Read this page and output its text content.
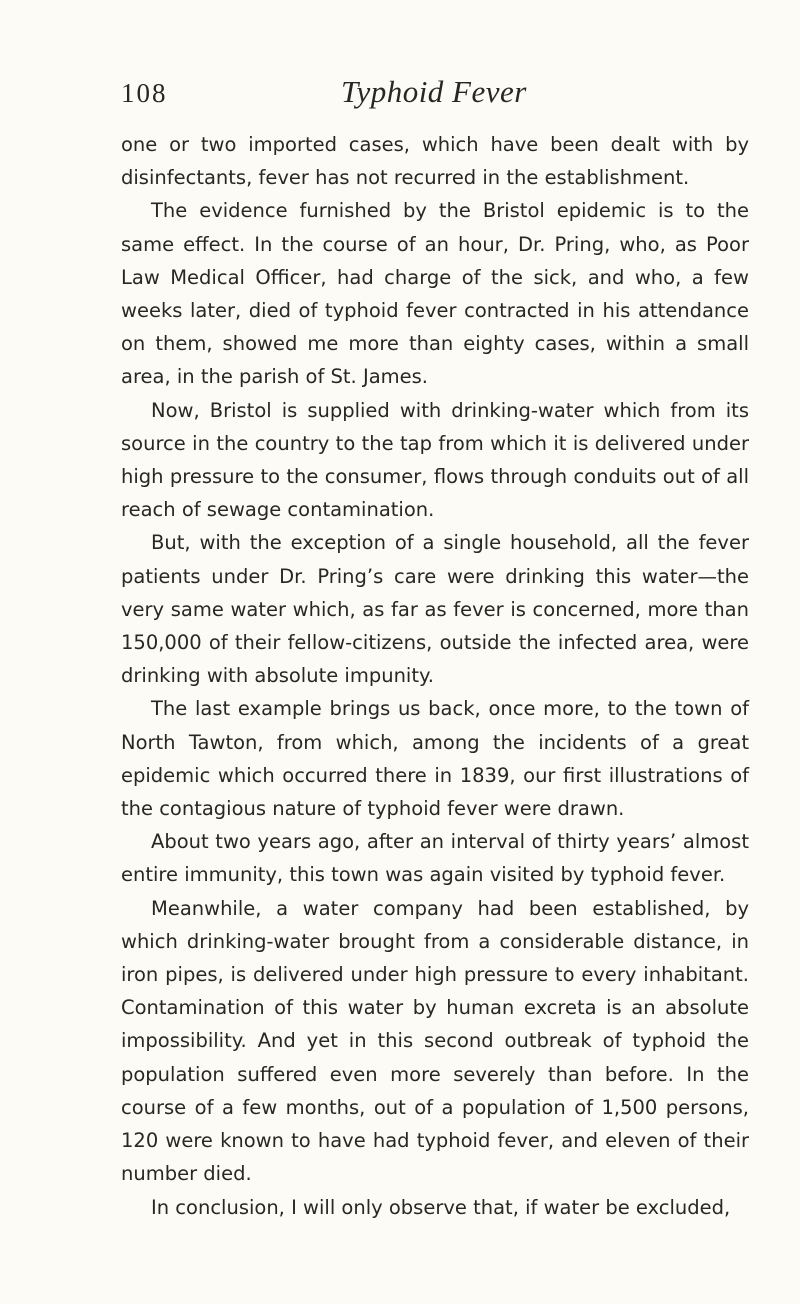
108	Typhoid Fever

one or two imported cases, which have been dealt with by disinfectants, fever has not recurred in the establishment.

The evidence furnished by the Bristol epidemic is to the same effect. In the course of an hour, Dr. Pring, who, as Poor Law Medical Officer, had charge of the sick, and who, a few weeks later, died of typhoid fever contracted in his attendance on them, showed me more than eighty cases, within a small area, in the parish of St. James.

Now, Bristol is supplied with drinking-water which from its source in the country to the tap from which it is delivered under high pressure to the consumer, flows through conduits out of all reach of sewage contamination.

But, with the exception of a single household, all the fever patients under Dr. Pring’s care were drinking this water—the very same water which, as far as fever is concerned, more than 150,000 of their fellow-citizens, outside the infected area, were drinking with absolute impunity.

The last example brings us back, once more, to the town of North Tawton, from which, among the incidents of a great epidemic which occurred there in 1839, our first illustrations of the contagious nature of typhoid fever were drawn.

About two years ago, after an interval of thirty years’ almost entire immunity, this town was again visited by typhoid fever.

Meanwhile, a water company had been established, by which drinking-water brought from a considerable distance, in iron pipes, is delivered under high pressure to every inhabitant. Contamination of this water by human excreta is an absolute impossibility. And yet in this second outbreak of typhoid the population suffered even more severely than before. In the course of a few months, out of a population of 1,500 persons, 120 were known to have had typhoid fever, and eleven of their number died.

In conclusion, I will only observe that, if water be excluded,
